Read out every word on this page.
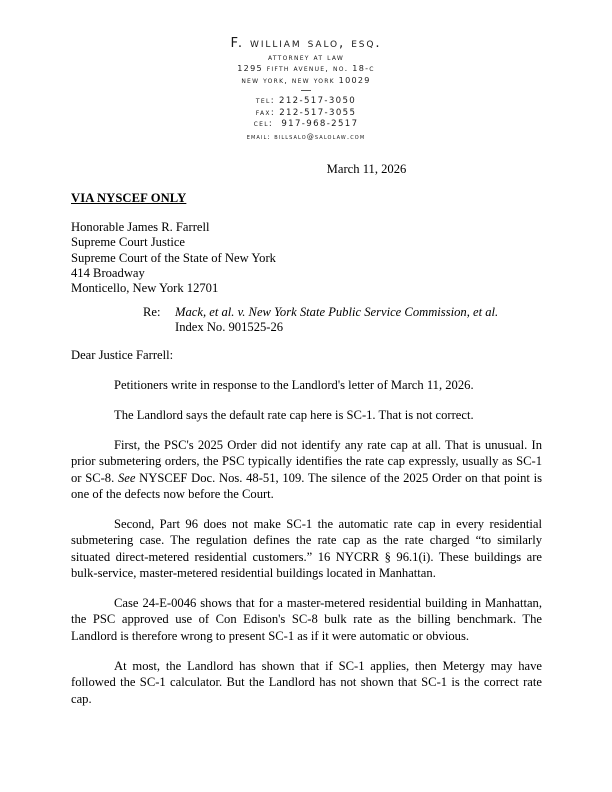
F. william salo, esq.
attorney at law
1295 fifth avenue, no. 18-c
new york, new york 10029
tel: 212-517-3050
fax: 212-517-3055
cel:  917-968-2517
email: billsalo@salolaw.com
March 11, 2026
VIA NYSCEF ONLY
Honorable James R. Farrell
Supreme Court Justice
Supreme Court of the State of New York
414 Broadway
Monticello, New York 12701
Re:	Mack, et al. v. New York State Public Service Commission, et al.
Index No. 901525-26
Dear Justice Farrell:

Petitioners write in response to the Landlord's letter of March 11, 2026.

The Landlord says the default rate cap here is SC-1. That is not correct.

First, the PSC's 2025 Order did not identify any rate cap at all. That is unusual. In prior submetering orders, the PSC typically identifies the rate cap expressly, usually as SC-1 or SC-8. See NYSCEF Doc. Nos. 48-51, 109. The silence of the 2025 Order on that point is one of the defects now before the Court.

Second, Part 96 does not make SC-1 the automatic rate cap in every residential submetering case. The regulation defines the rate cap as the rate charged “to similarly situated direct-metered residential customers.” 16 NYCRR § 96.1(i). These buildings are bulk-service, master-metered residential buildings located in Manhattan.

Case 24-E-0046 shows that for a master-metered residential building in Manhattan, the PSC approved use of Con Edison's SC-8 bulk rate as the billing benchmark. The Landlord is therefore wrong to present SC-1 as if it were automatic or obvious.

At most, the Landlord has shown that if SC-1 applies, then Metergy may have followed the SC-1 calculator. But the Landlord has not shown that SC-1 is the correct rate cap.
